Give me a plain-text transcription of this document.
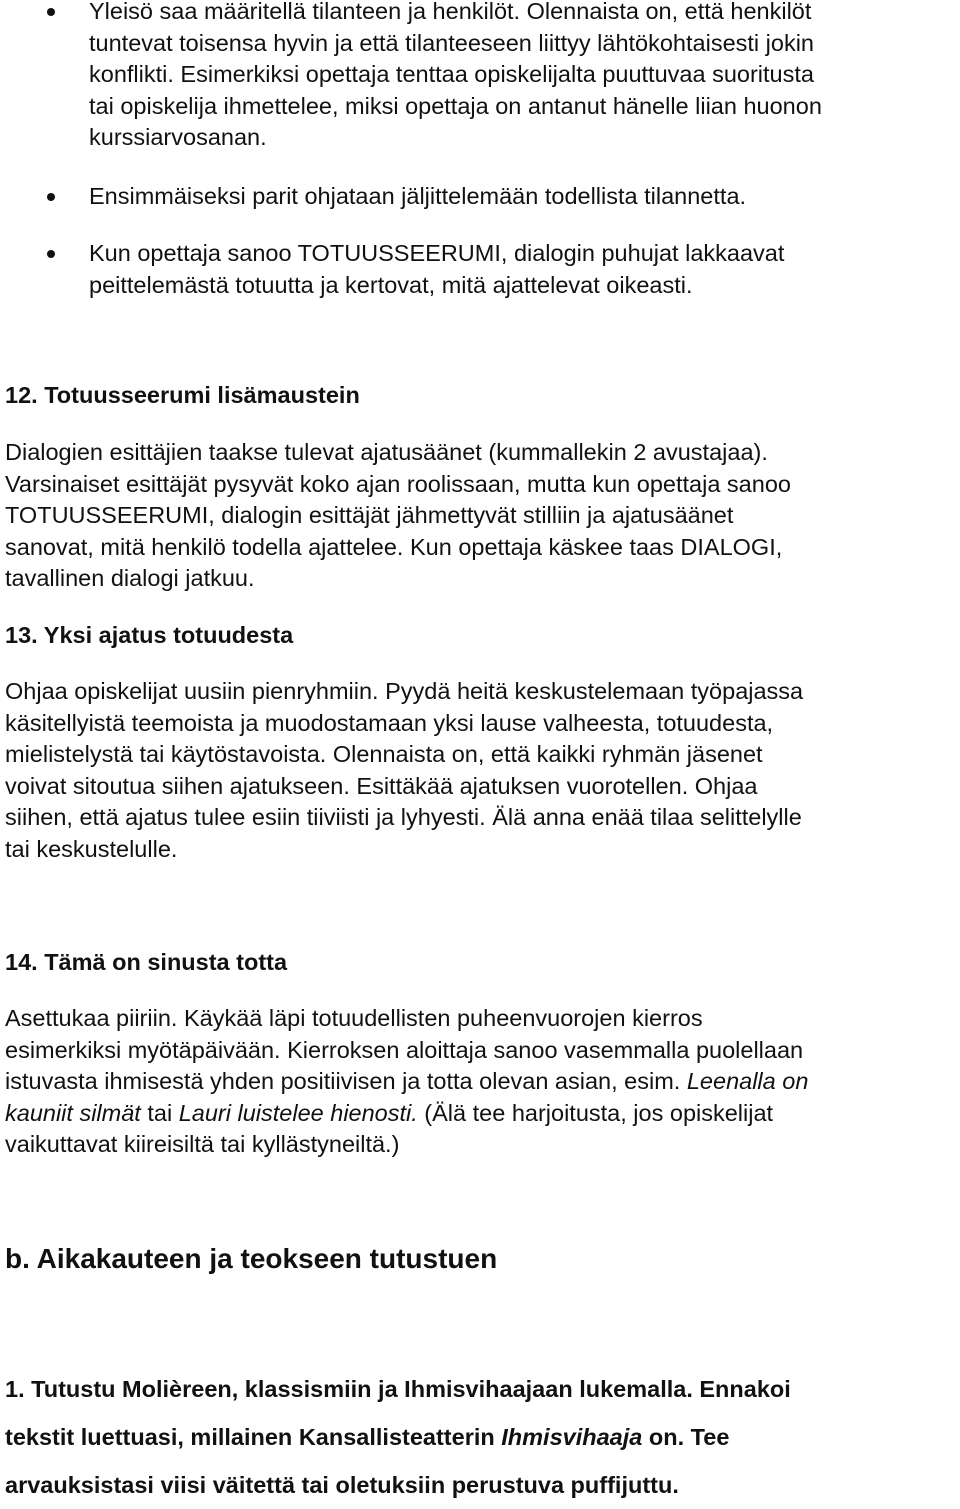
Yleisö saa määritellä tilanteen ja henkilöt. Olennaista on, että henkilöt

tuntevat toisensa hyvin ja että tilanteeseen liittyy lähtökohtaisesti jokin

konflikti. Esimerkiksi opettaja tenttaa opiskelijalta puuttuvaa suoritusta

tai opiskelija ihmettelee, miksi opettaja on antanut hänelle liian huonon

kurssiarvosanan.

Ensimmäiseksi parit ohjataan jäljittelemään todellista tilannetta.

Kun opettaja sanoo TOTUUSSEERUMI, dialogin puhujat lakkaavat

peittelemästä totuutta ja kertovat, mitä ajattelevat oikeasti.

12. Totuusseerumi lisämaustein

Dialogien esittäjien taakse tulevat ajatusäänet (kummallekin 2 avustajaa).

Varsinaiset esittäjät pysyvät koko ajan roolissaan, mutta kun opettaja sanoo

TOTUUSSEERUMI, dialogin esittäjät jähmettyvät stilliin ja ajatusäänet

sanovat, mitä henkilö todella ajattelee. Kun opettaja käskee taas DIALOGI,

tavallinen dialogi jatkuu.

13. Yksi ajatus totuudesta

Ohjaa opiskelijat uusiin pienryhmiin. Pyydä heitä keskustelemaan työpajassa

käsitellyistä teemoista ja muodostamaan yksi lause valheesta, totuudesta,

mielistelystä tai käytöstavoista. Olennaista on, että kaikki ryhmän jäsenet

voivat sitoutua siihen ajatukseen. Esittäkää ajatuksen vuorotellen. Ohjaa

siihen, että ajatus tulee esiin tiiviisti ja lyhyesti. Älä anna enää tilaa selittelylle

tai keskustelulle.

14. Tämä on sinusta totta

Asettukaa piiriin. Käykää läpi totuudellisten puheenvuorojen kierros

esimerkiksi myötäpäivään. Kierroksen aloittaja sanoo vasemmalla puolellaan

istuvasta ihmisestä yhden positiivisen ja totta olevan asian, esim. Leenalla on

kauniit silmät tai Lauri luistelee hienosti. (Älä tee harjoitusta, jos opiskelijat

vaikuttavat kiireisiltä tai kyllästyneiltä.)

b. Aikakauteen ja teokseen tutustuen

1. Tutustu Molièreen, klassismiin ja Ihmisvihaajaan lukemalla. Ennakoi

tekstit luettuasi, millainen Kansallisteatterin Ihmisvihaaja on. Tee

arvauksistasi viisi väitettä tai oletuksiin perustuva puffijuttu.
